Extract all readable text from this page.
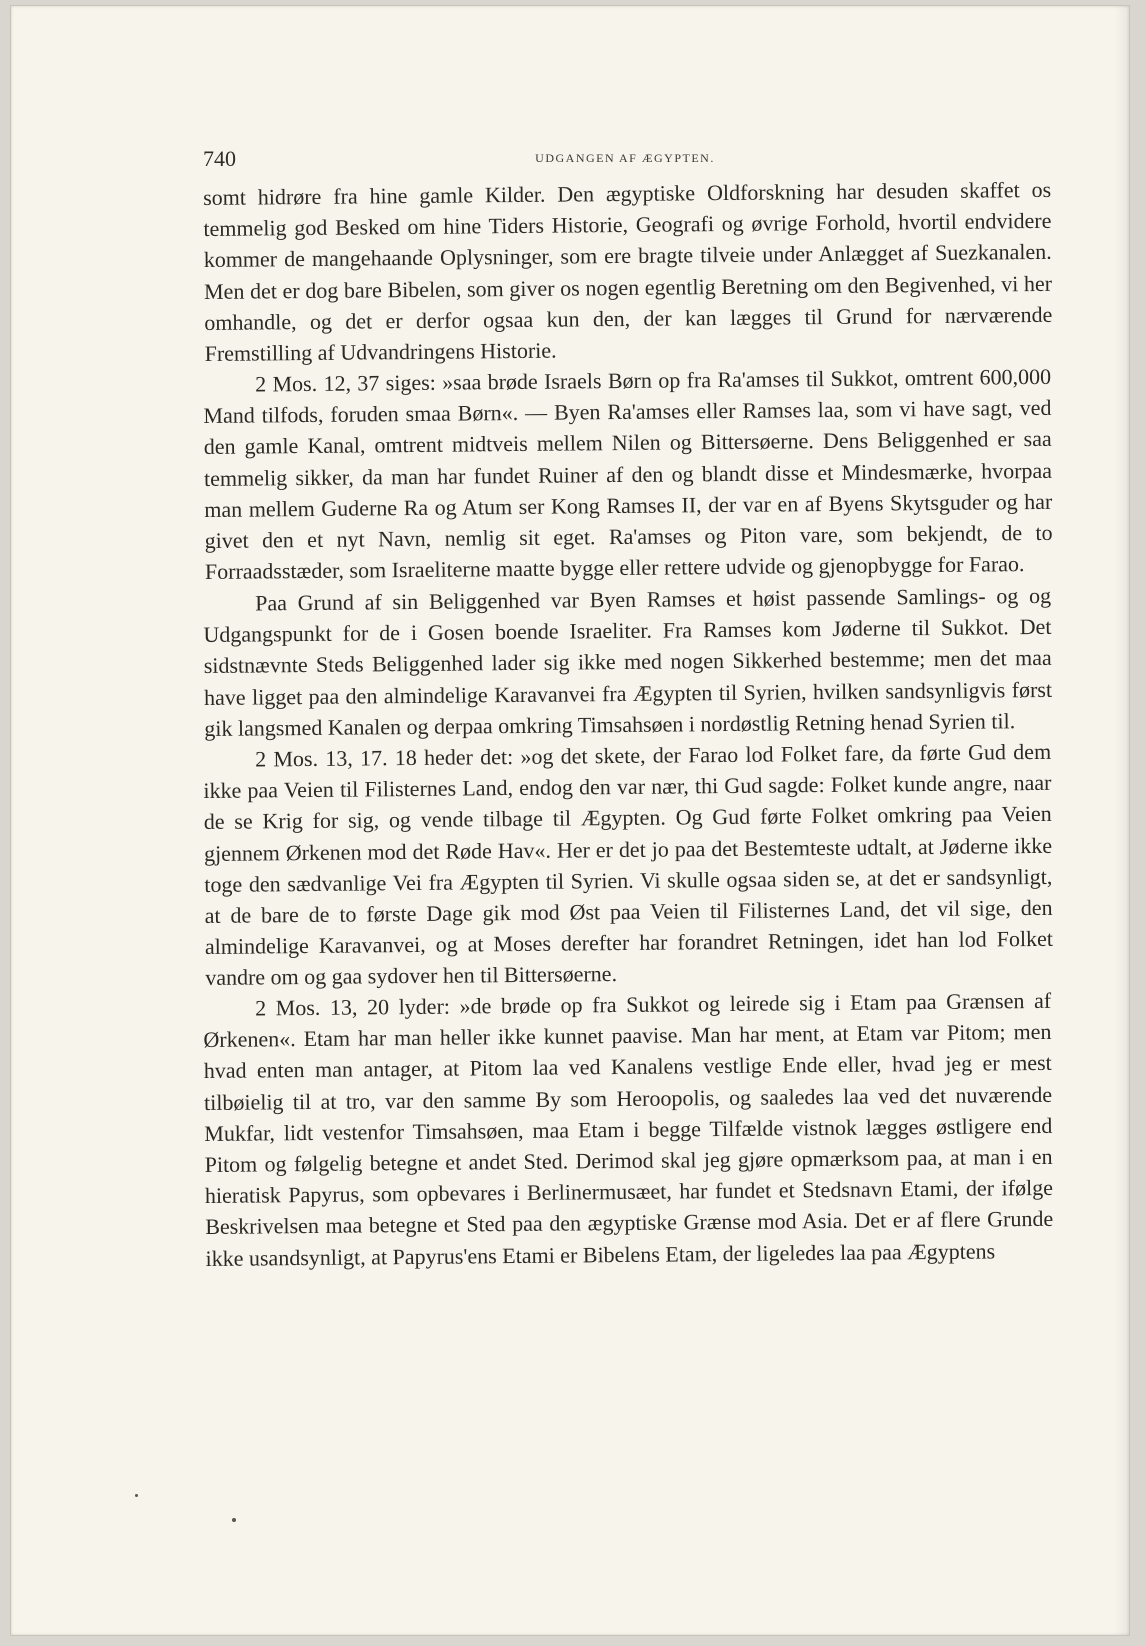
740	UDGANGEN AF ÆGYPTEN.

somt hidrøre fra hine gamle Kilder. Den ægyptiske Oldforskning har desuden skaffet os temmelig god Besked om hine Tiders Historie, Geografi og øvrige Forhold, hvortil endvidere kommer de mangehaande Oplysninger, som ere bragte tilveie under Anlægget af Suezkanalen. Men det er dog bare Bibelen, som giver os nogen egentlig Beretning om den Begivenhed, vi her omhandle, og det er derfor ogsaa kun den, der kan lægges til Grund for nærværende Fremstilling af Udvandringens Historie.

2 Mos. 12, 37 siges: »saa brøde Israels Børn op fra Ra'amses til Sukkot, omtrent 600,000 Mand tilfods, foruden smaa Børn«. — Byen Ra'amses eller Ramses laa, som vi have sagt, ved den gamle Kanal, omtrent midtveis mellem Nilen og Bittersøerne. Dens Beliggenhed er saa temmelig sikker, da man har fundet Ruiner af den og blandt disse et Mindesmærke, hvorpaa man mellem Guderne Ra og Atum ser Kong Ramses II, der var en af Byens Skytsguder og har givet den et nyt Navn, nemlig sit eget. Ra'amses og Piton vare, som bekjendt, de to Forraadsstæder, som Israeliterne maatte bygge eller rettere udvide og gjenopbygge for Farao.

Paa Grund af sin Beliggenhed var Byen Ramses et høist passende Samlings- og og Udgangspunkt for de i Gosen boende Israeliter. Fra Ramses kom Jøderne til Sukkot. Det sidstnævnte Steds Beliggenhed lader sig ikke med nogen Sikkerhed bestemme; men det maa have ligget paa den almindelige Karavanvei fra Ægypten til Syrien, hvilken sandsynligvis først gik langsmed Kanalen og derpaa omkring Timsahsøen i nordøstlig Retning henad Syrien til.

2 Mos. 13, 17. 18 heder det: »og det skete, der Farao lod Folket fare, da førte Gud dem ikke paa Veien til Filisternes Land, endog den var nær, thi Gud sagde: Folket kunde angre, naar de se Krig for sig, og vende tilbage til Ægypten. Og Gud førte Folket omkring paa Veien gjennem Ørkenen mod det Røde Hav«. Her er det jo paa det Bestemteste udtalt, at Jøderne ikke toge den sædvanlige Vei fra Ægypten til Syrien. Vi skulle ogsaa siden se, at det er sandsynligt, at de bare de to første Dage gik mod Øst paa Veien til Filisternes Land, det vil sige, den almindelige Karavanvei, og at Moses derefter har forandret Retningen, idet han lod Folket vandre om og gaa sydover hen til Bittersøerne.

2 Mos. 13, 20 lyder: »de brøde op fra Sukkot og leirede sig i Etam paa Grænsen af Ørkenen«. Etam har man heller ikke kunnet paavise. Man har ment, at Etam var Pitom; men hvad enten man antager, at Pitom laa ved Kanalens vestlige Ende eller, hvad jeg er mest tilbøielig til at tro, var den samme By som Heroopolis, og saaledes laa ved det nuværende Mukfar, lidt vestenfor Timsahsøen, maa Etam i begge Tilfælde vistnok lægges østligere end Pitom og følgelig betegne et andet Sted. Derimod skal jeg gjøre opmærksom paa, at man i en hieratisk Papyrus, som opbevares i Berlinermusæet, har fundet et Stedsnavn Etami, der ifølge Beskrivelsen maa betegne et Sted paa den ægyptiske Grænse mod Asia. Det er af flere Grunde ikke usandsynligt, at Papyrus'ens Etami er Bibelens Etam, der ligeledes laa paa Ægyptens
